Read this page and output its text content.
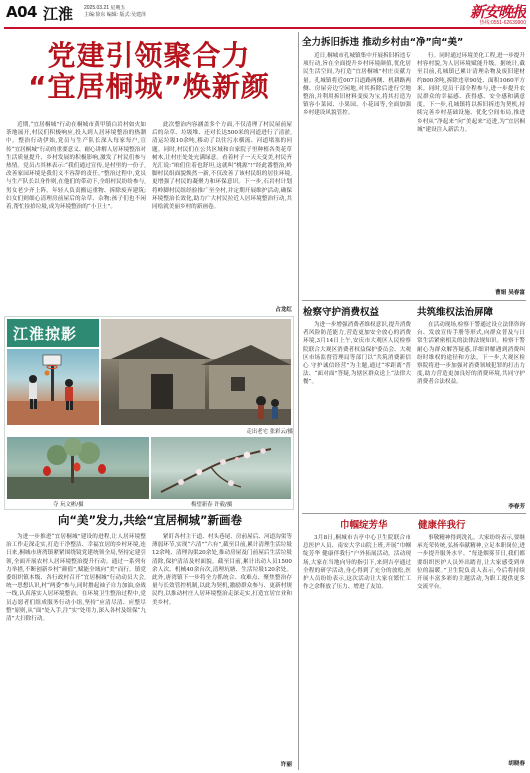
A04 江淮	2025.03.21 星期五
主编:徐东 编辑: 版式:吴建泽	新安晚报
热线:0551-62639900
党建引领聚合力
“宜居桐城”焕新颜
近期,“宜居桐城”行动在桐城市黄甲镇白岩村如火如荼地展开,村民们积极响应,投入到人居环境整治的热潮中。整治行动伊始,党员与生产队长深入每家每户,宣传“宜居桐城”行动的重要意义、耐心讲解人居环境整治对生活质量提升、乡村发展的积极影响,激发了村民们参与热情。党员占其林表示:“我们通过宣传,是村里的一份子,改善家园环境是我们义不容辞的责任。”整治过程中,党员与生产队长以身作则,在他们的带动下,全组村民纷纷参与,男女老少齐上阵。年轻人负责搬运重物、拆除废弃建筑;妇女们则细心清理房前屋后的杂草、杂物;孩子们也不闲着,帮忙捡拾垃圾,成为环境整治的“小卫士”。
此次整治内容涵盖多个方面,不仅清理了村民屋前屋后的杂草、垃圾堆、还对长达500米的河道进行了清淤,清运垃圾10余吨,移动了以往污水横流、河道堵塞的问题。同时,村民们在公共区域和自家院子里种植各类花草树木,让村庄处处充满绿意。看着村子一天天变美,村民齐光汇说:“咱们住着也舒坦,这就叫“桃源”!”经此番整治,岭脚村民组面貌焕然一新,不仅改善了该村民组的居住环境,更增强了村民的凝聚力和环保意识。下一步,石岩村计划将岭脚村民组经验推广至全村,并定期开展维护活动,确保环境整治长效化,助力广大村民拉近人居环境整治行动,共同绘就美丽乡村的新画卷。
占龙红
江淮掠影
走出老宅 张彩云/摄
夺 玩文彬/摄	梅望新春 许毅/摄
向“美”发力,共绘“宜居桐城”新画卷
为进一步推进“宜居桐城”建设的进程,让人居环境整治工作走深走实,打造干净整洁、幸福宜居的乡村环境,连日来,桐城市唐湾镇紧紧围绕镜党建统领全局,坚持定建引领,全面开展农村人居环境整治提升行动。通过一系列有力举措,不断创新乡村“颜值”,赋能全域向“美”而行。镇党委组织镇本级、各行政村召开“宜居桐城”行动动员大会,统一思想认识,村“两委”参与,同时撸起袖子自力加油,奋战一线,认真落实人居环境整治。在环境卫生整治过程中,党员志愿者们组成服务行动小组,坚持“应清尽清、应整尽整”原则,从“面”处入手,注“实”处用力,深入各村及组保“九清”大扫除行动。
紧盯各村主干道、村头巷尾、房前屋后、河道沟渠等薄弱环节,实现“六清”“六有”,截至目前,累计清理生活垃圾12余吨、清理沟渠20余处,推动房屋及门前屋后生活垃圾清除,保护清洁及村面貌。截至目前,累计出动人员1500余人次、机械40余台次,清理坑塘、生活垃圾120余处。此外,唐湾镇下一步将全力抓统合、攻难点、聚焦整治存量与长效管控机制,以此为契机,激励群众参与、更新村规民约,以推动村庄人居环境整治走深走实,打造宜居宜业和美乡村。
许丽
全力拆旧拆违 推动乡村由“净”向“美”
近日,桐城市孔城镇集中开展拆旧拆违专项行动,旨在全面提升乡村环境颜值,优化居民生活空间,为打造“宜居桐城”村庄贡献力量。孔城镇将近007目道路两侧、机耕路两侧、房屋旁边空闲地,对其拆除后进行空地整治,并利用拆旧材料变废为宝,将其打造为镇容小菜园、小果园、小花园等,全面加强乡村建设风貌管控。
行。同时通过环境美化工程,进一步提升村容村貌,为人居环境赋能升级。据统计,截至目前,孔城镇已累计清理杂物及废旧建材约800余吨,拆除违章90处、面积1060平方米。同时,党员干部全程参与,进一步提升农民群众的幸福感、获得感、安全感和满意度。下一步,孔城镇将以拆旧拆违为契机,持续完善乡村基础设施、优化空间布局,推进乡村从“净起来”向“美起来”迈进,为“宜居桐城”建设注入新活力。
曹娟 吴春富
检察守护消费权益	共筑维权法治屏障
为进一步增强消费者维权意识,提升消费者风险防范能力,营造更加安全放心的消费环境,3月14日上午,安庆市大观区人民检察院联合大观区消费者权益保护委员会、大观区市场监督管理局等部门以“共筑消费新信心 守护诚信经营”为主题,通过“零距离”普法、“面对面”答疑,为辖区群众送上“法律大餐”。
在活动现场,检察干警通过设立法律咨询台、发放宣传手册等形式,向群众普及与日常生活紧密相关的法律法规知识。检察干警耐心为群众解答疑惑,详细讲解遇到消费纠纷时维权的途径和方法。下一步,大观区检察院将进一步加强对消费领域犯罪的打击力度,助力营造更加良好的消费环境,共同守护消费者合法权益。
李春芳
巾帼绽芳华	健康伴我行
3月8日,桐城市吉亭中心卫生院联合市总医护人员、南安大学山院上班,开展“巾帼绽芳华 健康伴我行”户外拓展活动。活动现场,大家在当地向导的指引下,来到吉亭通过全程的研学活动,身心得到了充分的放松,医护人员纷纷表示,这次活动让大家在繁忙工作之余释放了压力、增进了友谊。
事敬精神得到洗礼。大家纷纷表示,要继承光荣传统,弘扬奉献精神,立足本职岗位,进一步提升服务水平。“每逢烟雾节日,我们都要组织医护人员外出踏青,让大家感受到单位的温暖。”卫生院负责人表示,今后将持续开展丰富多彩的主题活动,为职工提供更多交流平台。
胡晓春
